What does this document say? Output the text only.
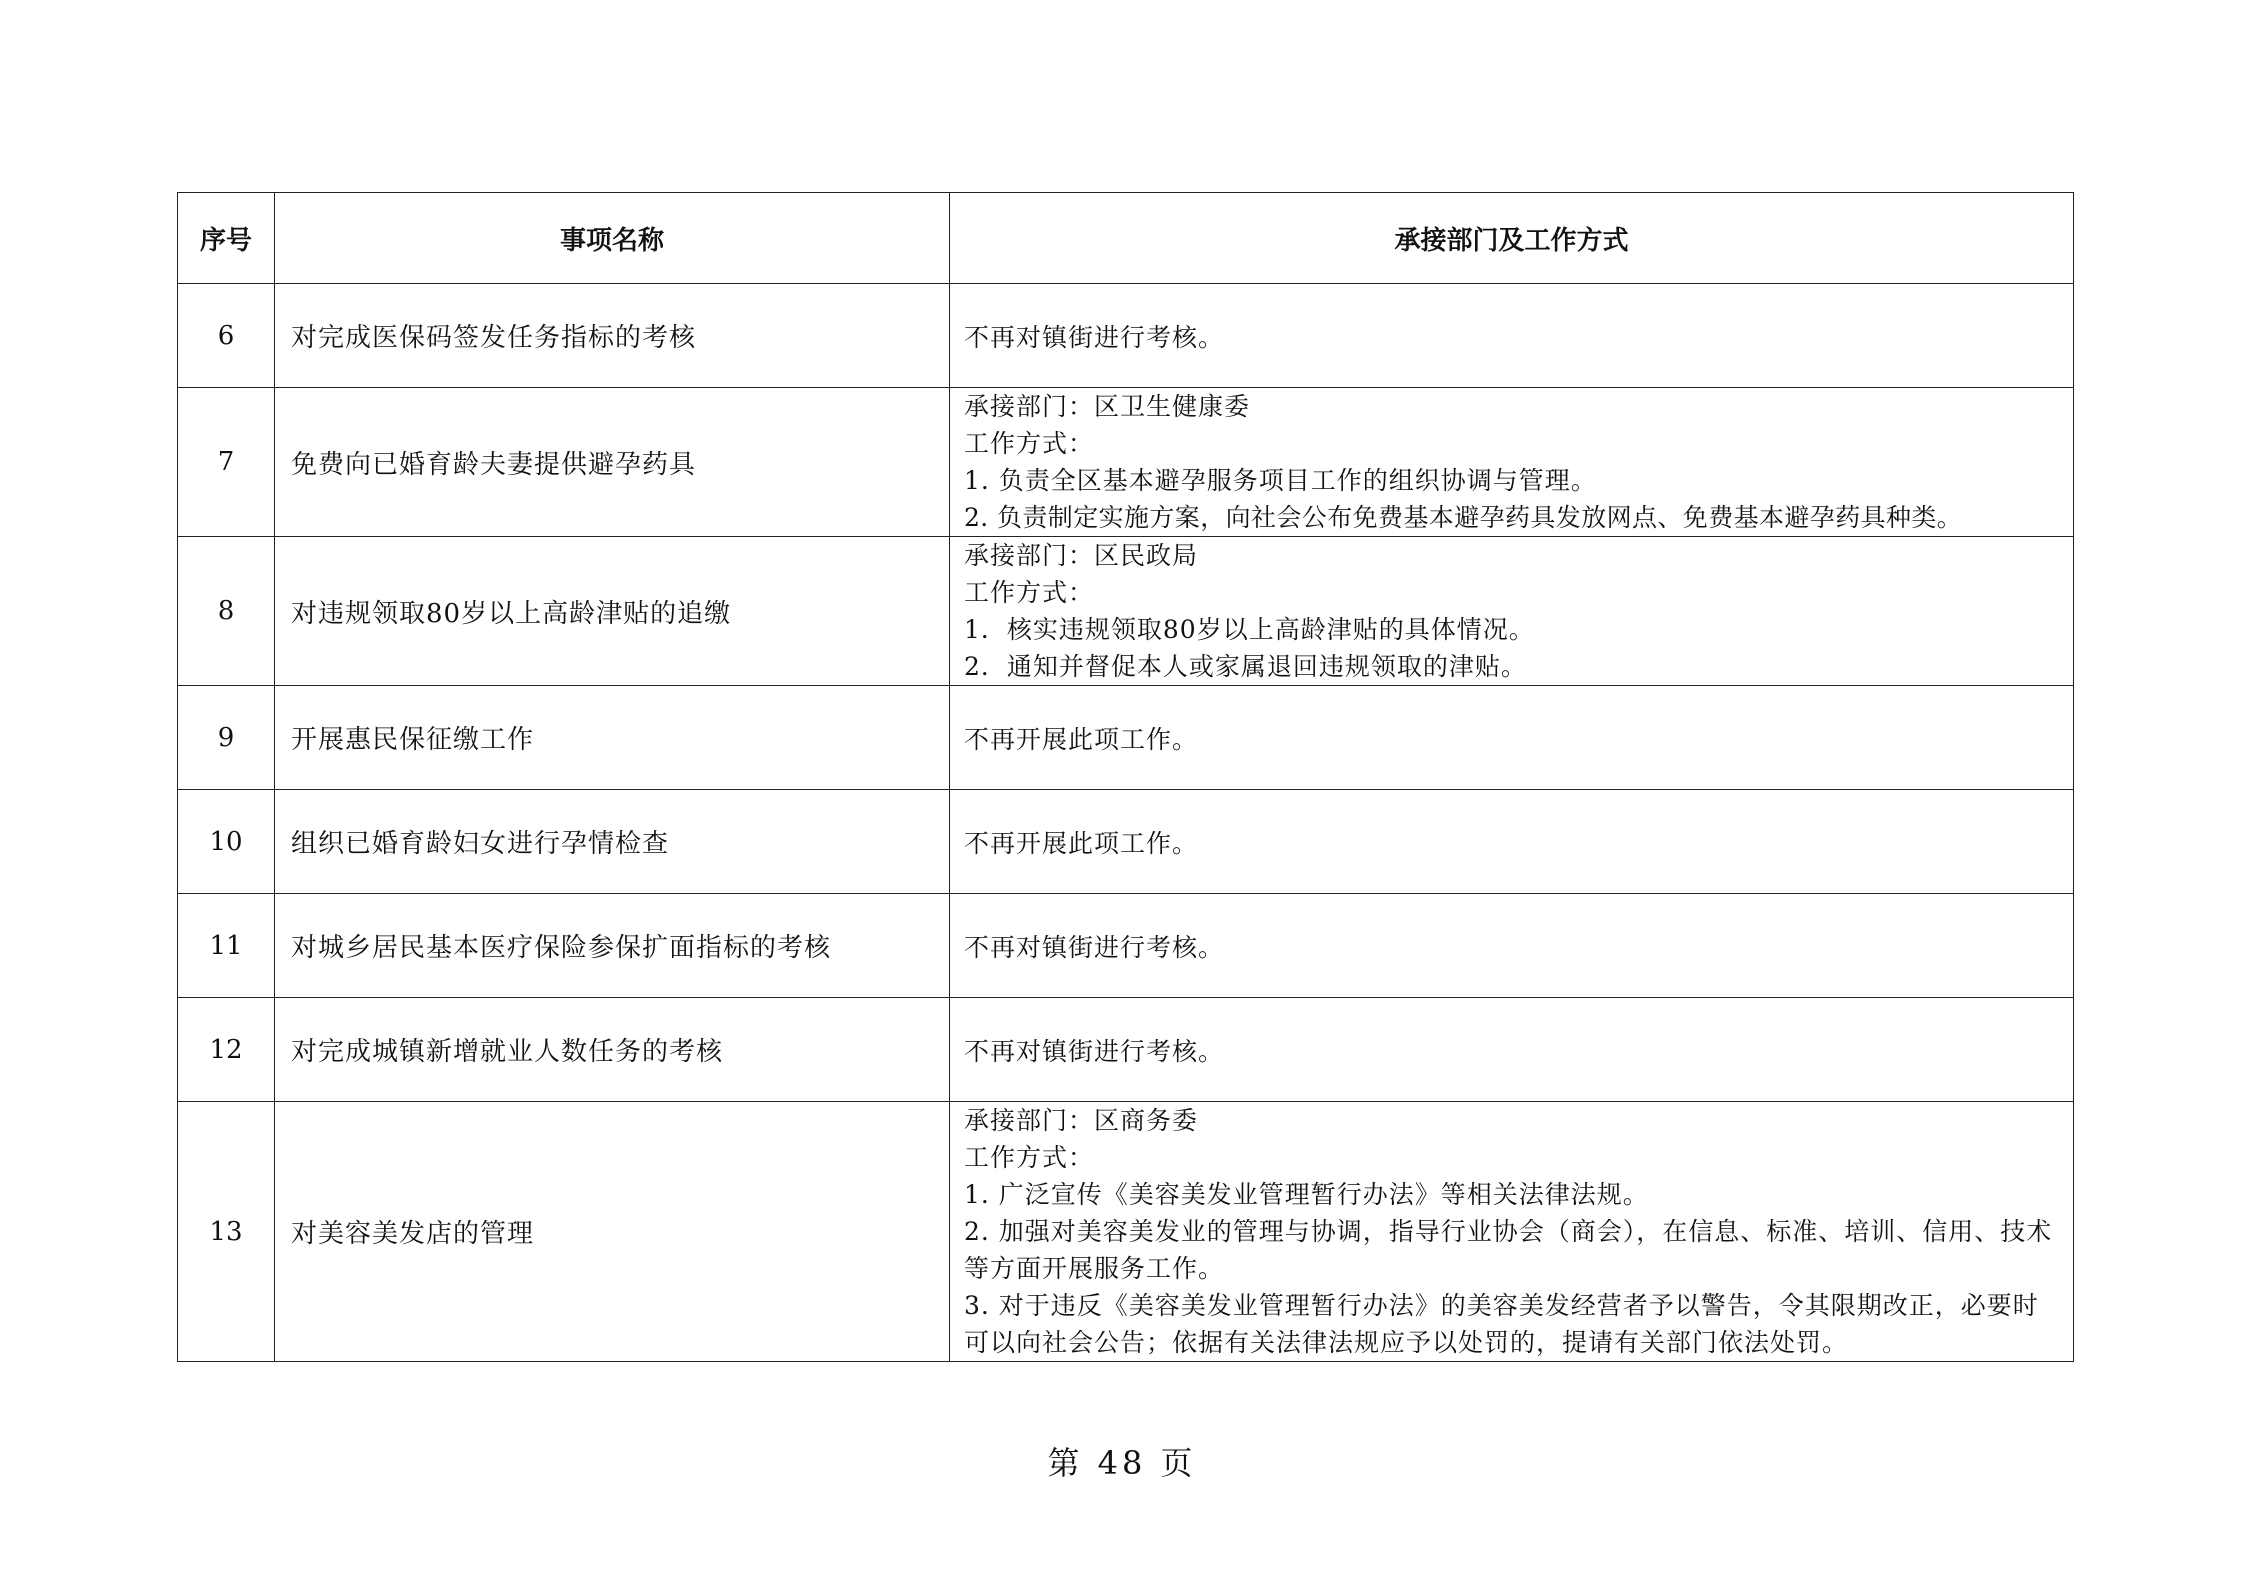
序号	事项名称	承接部门及工作方式
6	对完成医保码签发任务指标的考核	不再对镇街进行考核。

7	免费向已婚育龄夫妻提供避孕药具	承接部门：区卫生健康委
工作方式：
1. 负责全区基本避孕服务项目工作的组织协调与管理。
2. 负责制定实施方案，向社会公布免费基本避孕药具发放网点、免费基本避孕药具种类。

8	对违规领取80岁以上高龄津贴的追缴	承接部门：区民政局
工作方式：
1．核实违规领取80岁以上高龄津贴的具体情况。
2．通知并督促本人或家属退回违规领取的津贴。

9	开展惠民保征缴工作	不再开展此项工作。

10	组织已婚育龄妇女进行孕情检查	不再开展此项工作。

11	对城乡居民基本医疗保险参保扩面指标的考核	不再对镇街进行考核。

12	对完成城镇新增就业人数任务的考核	不再对镇街进行考核。

13	对美容美发店的管理	承接部门：区商务委
工作方式：
1. 广泛宣传《美容美发业管理暂行办法》等相关法律法规。
2. 加强对美容美发业的管理与协调，指导行业协会（商会），在信息、标准、培训、信用、技术等方面开展服务工作。
3. 对于违反《美容美发业管理暂行办法》的美容美发经营者予以警告，令其限期改正，必要时可以向社会公告；依据有关法律法规应予以处罚的，提请有关部门依法处罚。
第 48 页
